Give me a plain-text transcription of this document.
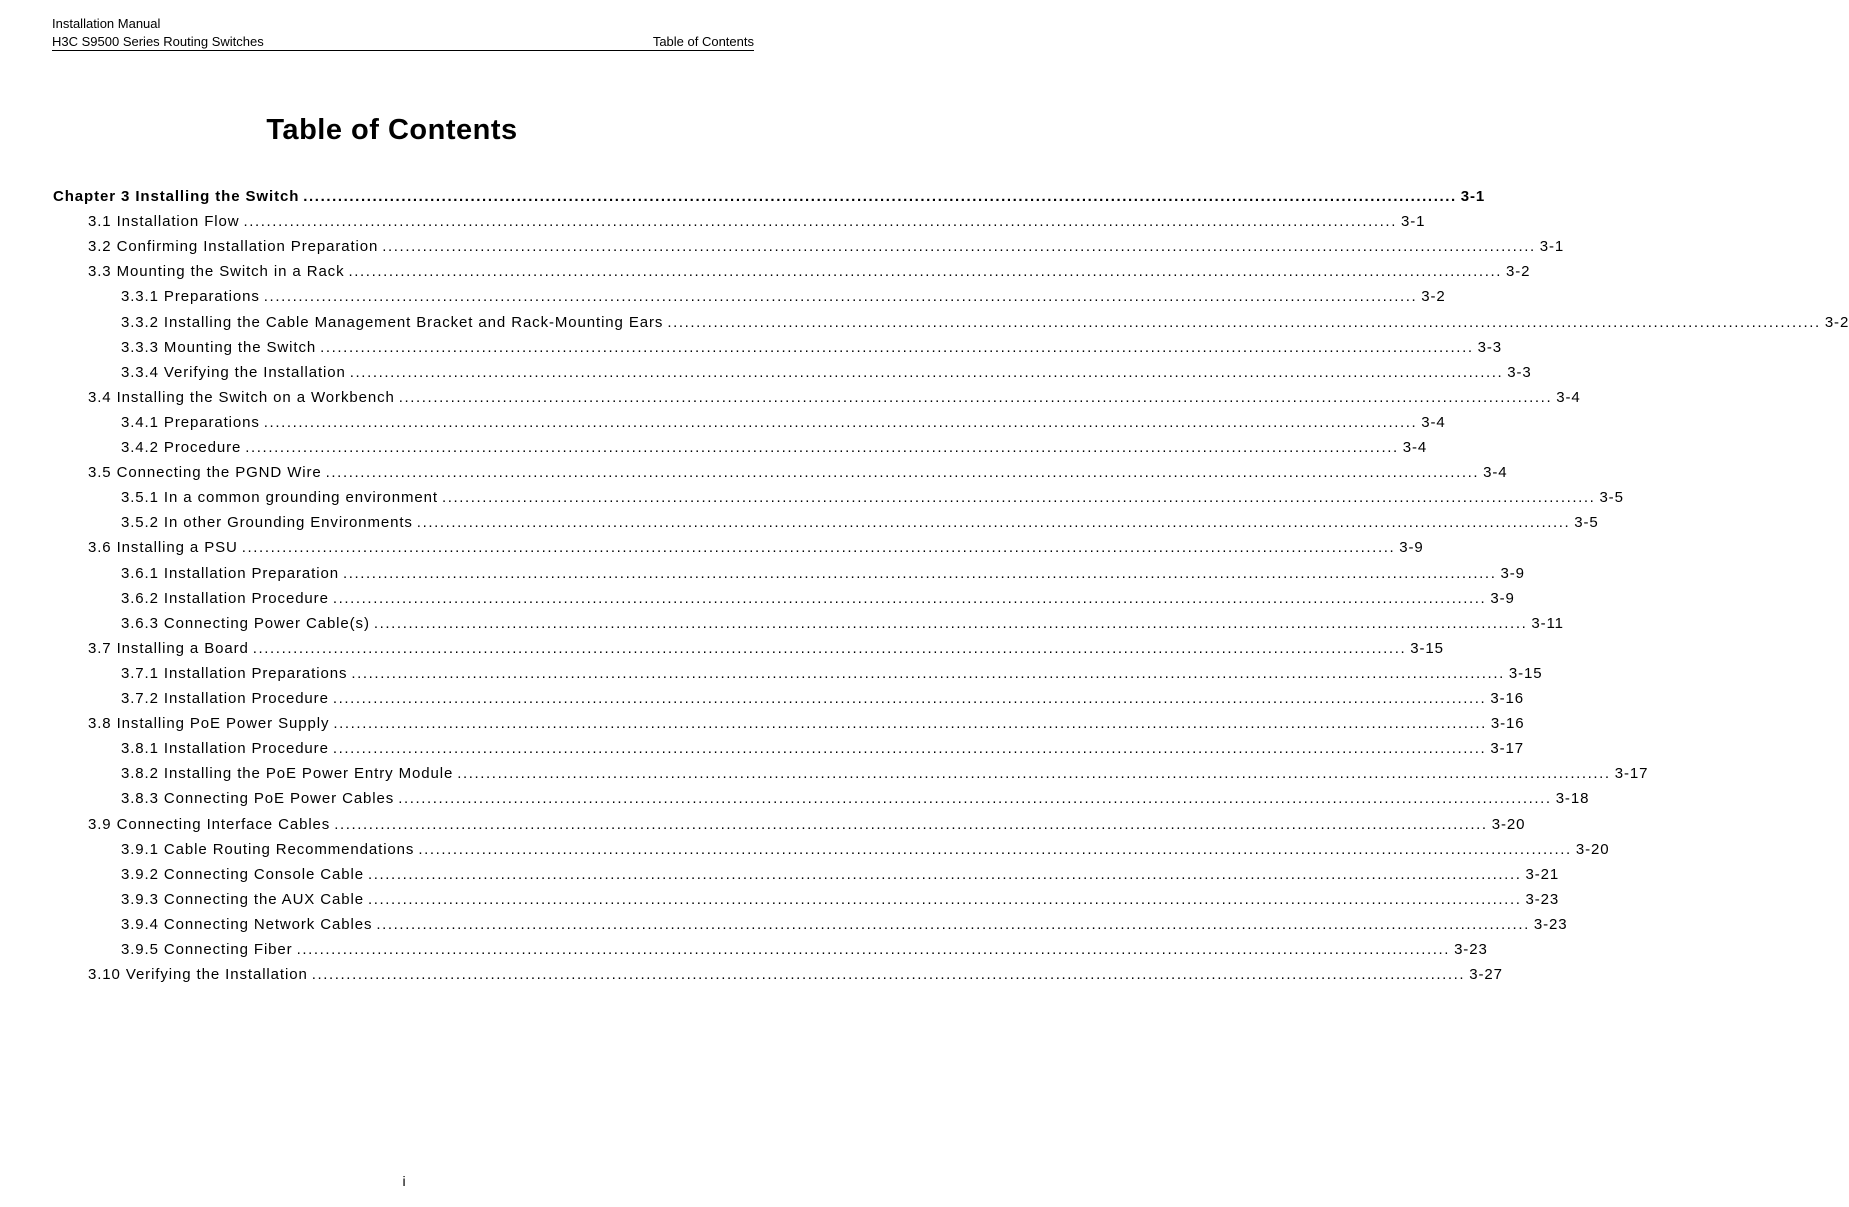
Installation Manual
H3C S9500 Series Routing Switches	Table of Contents
Table of Contents
Chapter 3 Installing the Switch ........................................................................................................................................................................................................ 3-1
3.1 Installation Flow ........................................................................................................................................................................................................ 3-1
3.2 Confirming Installation Preparation ........................................................................................................................................................................................................ 3-1
3.3 Mounting the Switch in a Rack ........................................................................................................................................................................................................ 3-2
3.3.1 Preparations ........................................................................................................................................................................................................ 3-2
3.3.2 Installing the Cable Management Bracket and Rack-Mounting Ears ........................................................................................................................................................................................................ 3-2
3.3.3 Mounting the Switch ........................................................................................................................................................................................................ 3-3
3.3.4 Verifying the Installation ........................................................................................................................................................................................................ 3-3
3.4 Installing the Switch on a Workbench ........................................................................................................................................................................................................ 3-4
3.4.1 Preparations ........................................................................................................................................................................................................ 3-4
3.4.2 Procedure ........................................................................................................................................................................................................ 3-4
3.5 Connecting the PGND Wire ........................................................................................................................................................................................................ 3-4
3.5.1 In a common grounding environment ........................................................................................................................................................................................................ 3-5
3.5.2 In other Grounding Environments ........................................................................................................................................................................................................ 3-5
3.6 Installing a PSU ........................................................................................................................................................................................................ 3-9
3.6.1 Installation Preparation ........................................................................................................................................................................................................ 3-9
3.6.2 Installation Procedure ........................................................................................................................................................................................................ 3-9
3.6.3 Connecting Power Cable(s) ........................................................................................................................................................................................................ 3-11
3.7 Installing a Board ........................................................................................................................................................................................................ 3-15
3.7.1 Installation Preparations ........................................................................................................................................................................................................ 3-15
3.7.2 Installation Procedure ........................................................................................................................................................................................................ 3-16
3.8 Installing PoE Power Supply ........................................................................................................................................................................................................ 3-16
3.8.1 Installation Procedure ........................................................................................................................................................................................................ 3-17
3.8.2 Installing the PoE Power Entry Module ........................................................................................................................................................................................................ 3-17
3.8.3 Connecting PoE Power Cables ........................................................................................................................................................................................................ 3-18
3.9 Connecting Interface Cables ........................................................................................................................................................................................................ 3-20
3.9.1 Cable Routing Recommendations ........................................................................................................................................................................................................ 3-20
3.9.2 Connecting Console Cable ........................................................................................................................................................................................................ 3-21
3.9.3 Connecting the AUX Cable ........................................................................................................................................................................................................ 3-23
3.9.4 Connecting Network Cables ........................................................................................................................................................................................................ 3-23
3.9.5 Connecting Fiber ........................................................................................................................................................................................................ 3-23
3.10 Verifying the Installation ........................................................................................................................................................................................................ 3-27
i
